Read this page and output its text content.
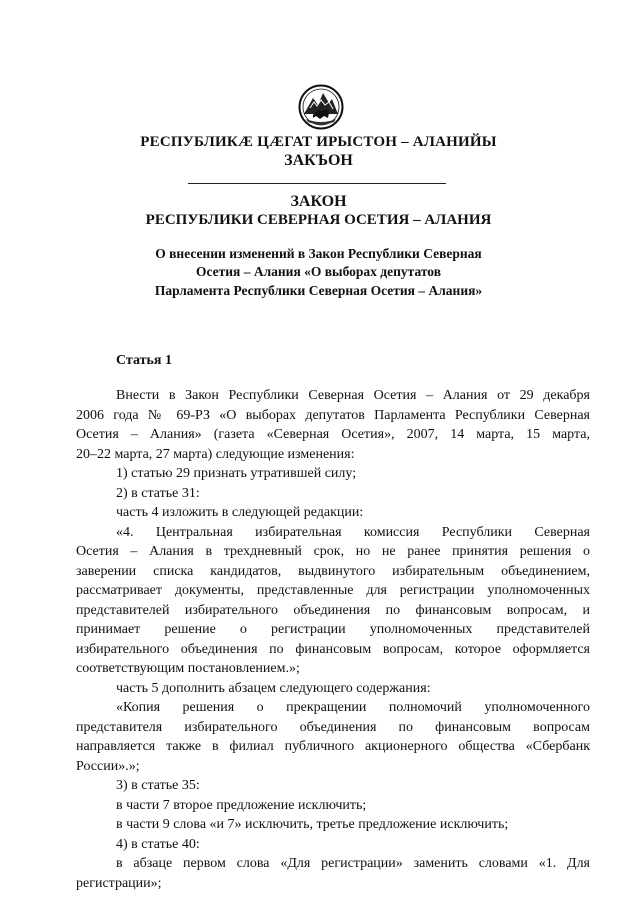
РЕСПУБЛИКÆ ЦÆГАТ ИРЫСТОН – АЛАНИЙЫ
ЗАКЪОН
ЗАКОН
РЕСПУБЛИКИ СЕВЕРНАЯ ОСЕТИЯ – АЛАНИЯ
О внесении изменений в Закон Республики Северная
Осетия – Алания «О выборах депутатов
Парламента Республики Северная Осетия – Алания»
Статья 1
Внести в Закон Республики Северная Осетия – Алания от 29 декабря
2006 года № 69-РЗ «О выборах депутатов Парламента Республики Северная
Осетия – Алания» (газета «Северная Осетия», 2007, 14 марта, 15 марта,
20–22 марта, 27 марта) следующие изменения:
1) статью 29 признать утратившей силу;
2) в статье 31:
часть 4 изложить в следующей редакции:
«4. Центральная избирательная комиссия Республики Северная
Осетия – Алания в трехдневный срок, но не ранее принятия решения о
заверении списка кандидатов, выдвинутого избирательным объединением,
рассматривает документы, представленные для регистрации уполномоченных
представителей избирательного объединения по финансовым вопросам, и
принимает решение о регистрации уполномоченных представителей
избирательного объединения по финансовым вопросам, которое оформляется
соответствующим постановлением.»;
часть 5 дополнить абзацем следующего содержания:
«Копия решения о прекращении полномочий уполномоченного
представителя избирательного объединения по финансовым вопросам
направляется также в филиал публичного акционерного общества «Сбербанк
России».»;
3) в статье 35:
в части 7 второе предложение исключить;
в части 9 слова «и 7» исключить, третье предложение исключить;
4) в статье 40:
в абзаце первом слова «Для регистрации» заменить словами «1. Для
регистрации»;
